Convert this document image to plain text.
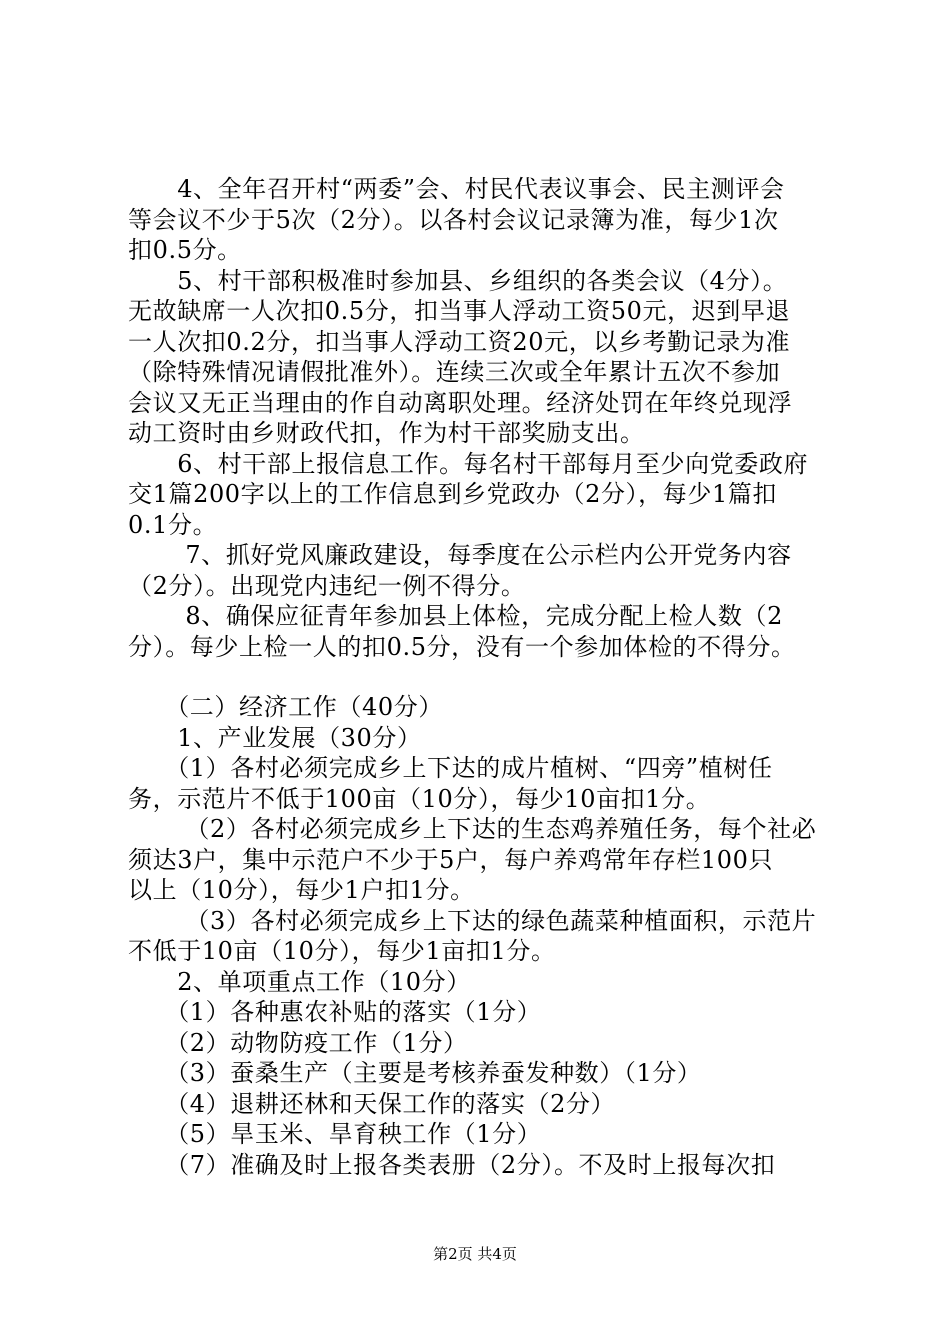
　　4、全年召开村“两委”会、村民代表议事会、民主测评会
等会议不少于5次（2分）。以各村会议记录簿为准，每少1次
扣0.5分。
　　5、村干部积极准时参加县、乡组织的各类会议（4分）。
无故缺席一人次扣0.5分，扣当事人浮动工资50元，迟到早退
一人次扣0.2分，扣当事人浮动工资20元，以乡考勤记录为准
（除特殊情况请假批准外）。连续三次或全年累计五次不参加
会议又无正当理由的作自动离职处理。经济处罚在年终兑现浮
动工资时由乡财政代扣，作为村干部奖励支出。
　　6、村干部上报信息工作。每名村干部每月至少向党委政府
交1篇200字以上的工作信息到乡党政办（2分），每少1篇扣
0.1分。
　　 7、抓好党风廉政建设，每季度在公示栏内公开党务内容
（2分）。出现党内违纪一例不得分。
　　 8、确保应征青年参加县上体检，完成分配上检人数（2
分）。每少上检一人的扣0.5分，没有一个参加体检的不得分。
　　（二）经济工作（40分）
　　1、产业发展（30分）
　　（1）各村必须完成乡上下达的成片植树、“四旁”植树任
务，示范片不低于100亩（10分），每少10亩扣1分。
　　 （2）各村必须完成乡上下达的生态鸡养殖任务，每个社必
须达3户，集中示范户不少于5户，每户养鸡常年存栏100只
以上（10分），每少1户扣1分。
　　 （3）各村必须完成乡上下达的绿色蔬菜种植面积，示范片
不低于10亩（10分），每少1亩扣1分。
　　2、单项重点工作（10分）
　　（1）各种惠农补贴的落实（1分）
　　（2）动物防疫工作（1分）
　　（3）蚕桑生产（主要是考核养蚕发种数）（1分）
　　（4）退耕还林和天保工作的落实（2分）
　　（5）旱玉米、旱育秧工作（1分）
　　（7）准确及时上报各类表册（2分）。不及时上报每次扣
第2页 共4页
